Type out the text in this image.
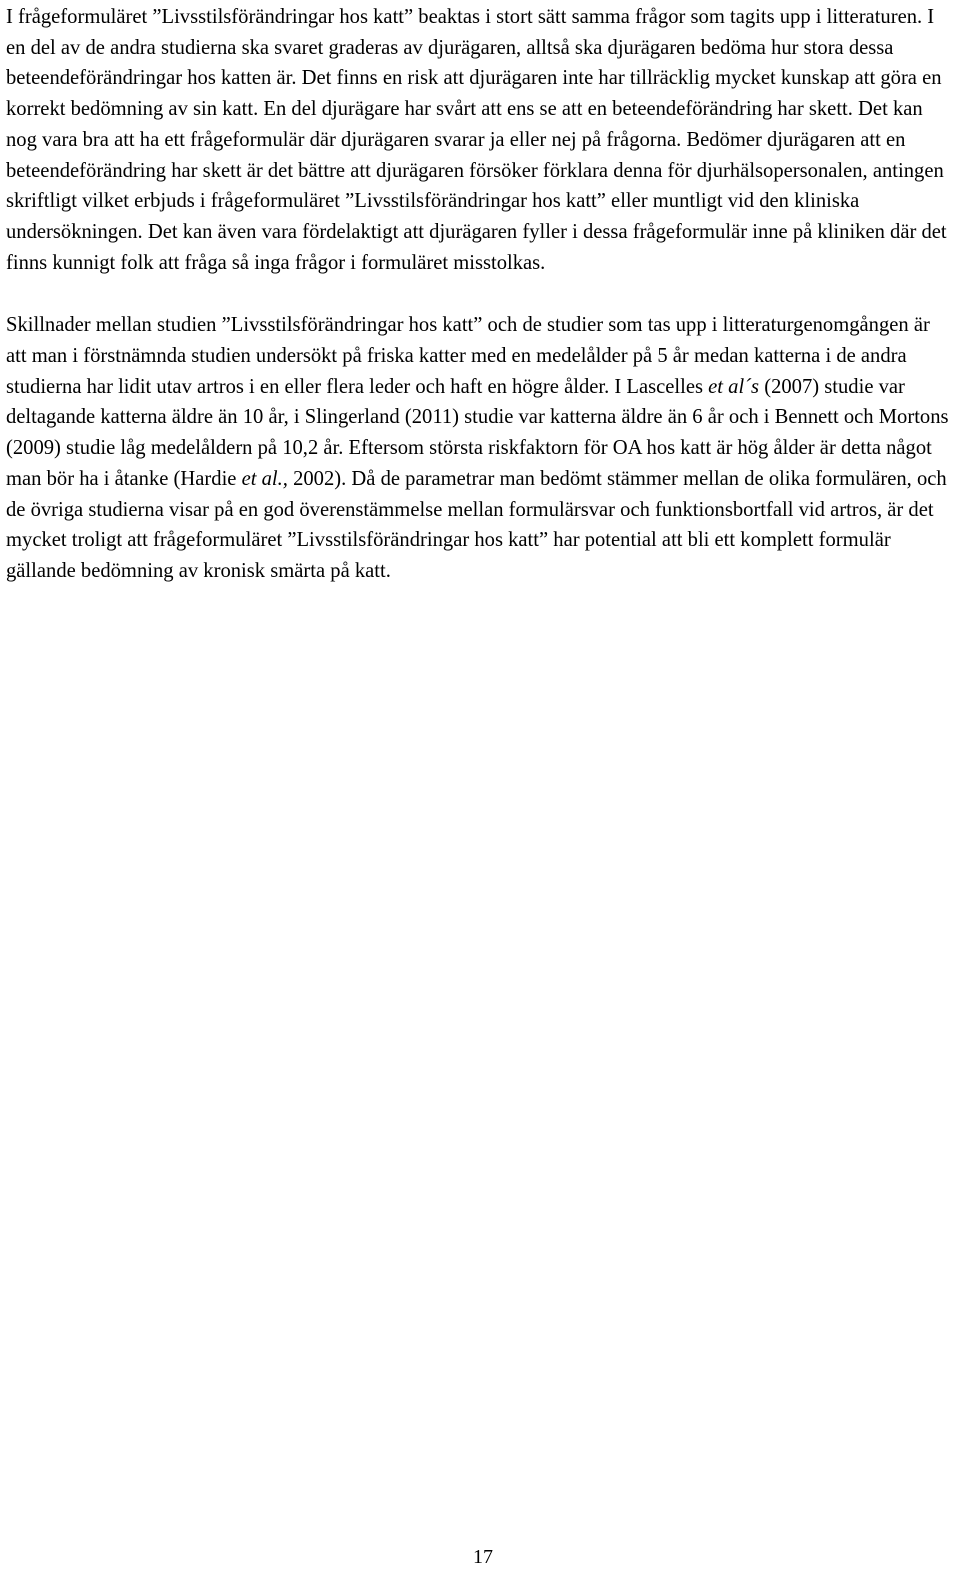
I frågeformuläret ”Livsstilsförändringar hos katt” beaktas i stort sätt samma frågor som tagits upp i litteraturen. I en del av de andra studierna ska svaret graderas av djurägaren, alltså ska djurägaren bedöma hur stora dessa beteendeförändringar hos katten är. Det finns en risk att djurägaren inte har tillräcklig mycket kunskap att göra en korrekt bedömning av sin katt. En del djurägare har svårt att ens se att en beteendeförändring har skett. Det kan nog vara bra att ha ett frågeformulär där djurägaren svarar ja eller nej på frågorna. Bedömer djurägaren att en beteendeförändring har skett är det bättre att djurägaren försöker förklara denna för djurhälsopersonalen, antingen skriftligt vilket erbjuds i frågeformuläret ”Livsstilsförändringar hos katt” eller muntligt vid den kliniska undersökningen. Det kan även vara fördelaktigt att djurägaren fyller i dessa frågeformulär inne på kliniken där det finns kunnigt folk att fråga så inga frågor i formuläret misstolkas.

Skillnader mellan studien ”Livsstilsförändringar hos katt” och de studier som tas upp i litteraturgenomgången är att man i förstnämnda studien undersökt på friska katter med en medelålder på 5 år medan katterna i de andra studierna har lidit utav artros i en eller flera leder och haft en högre ålder. I Lascelles et al´s (2007) studie var deltagande katterna äldre än 10 år, i Slingerland (2011) studie var katterna äldre än 6 år och i Bennett och Mortons (2009) studie låg medelåldern på 10,2 år. Eftersom största riskfaktorn för OA hos katt är hög ålder är detta något man bör ha i åtanke (Hardie et al., 2002). Då de parametrar man bedömt stämmer mellan de olika formulären, och de övriga studierna visar på en god överenstämmelse mellan formulärsvar och funktionsbortfall vid artros, är det mycket troligt att frågeformuläret ”Livsstilsförändringar hos katt” har potential att bli ett komplett formulär gällande bedömning av kronisk smärta på katt.

17
